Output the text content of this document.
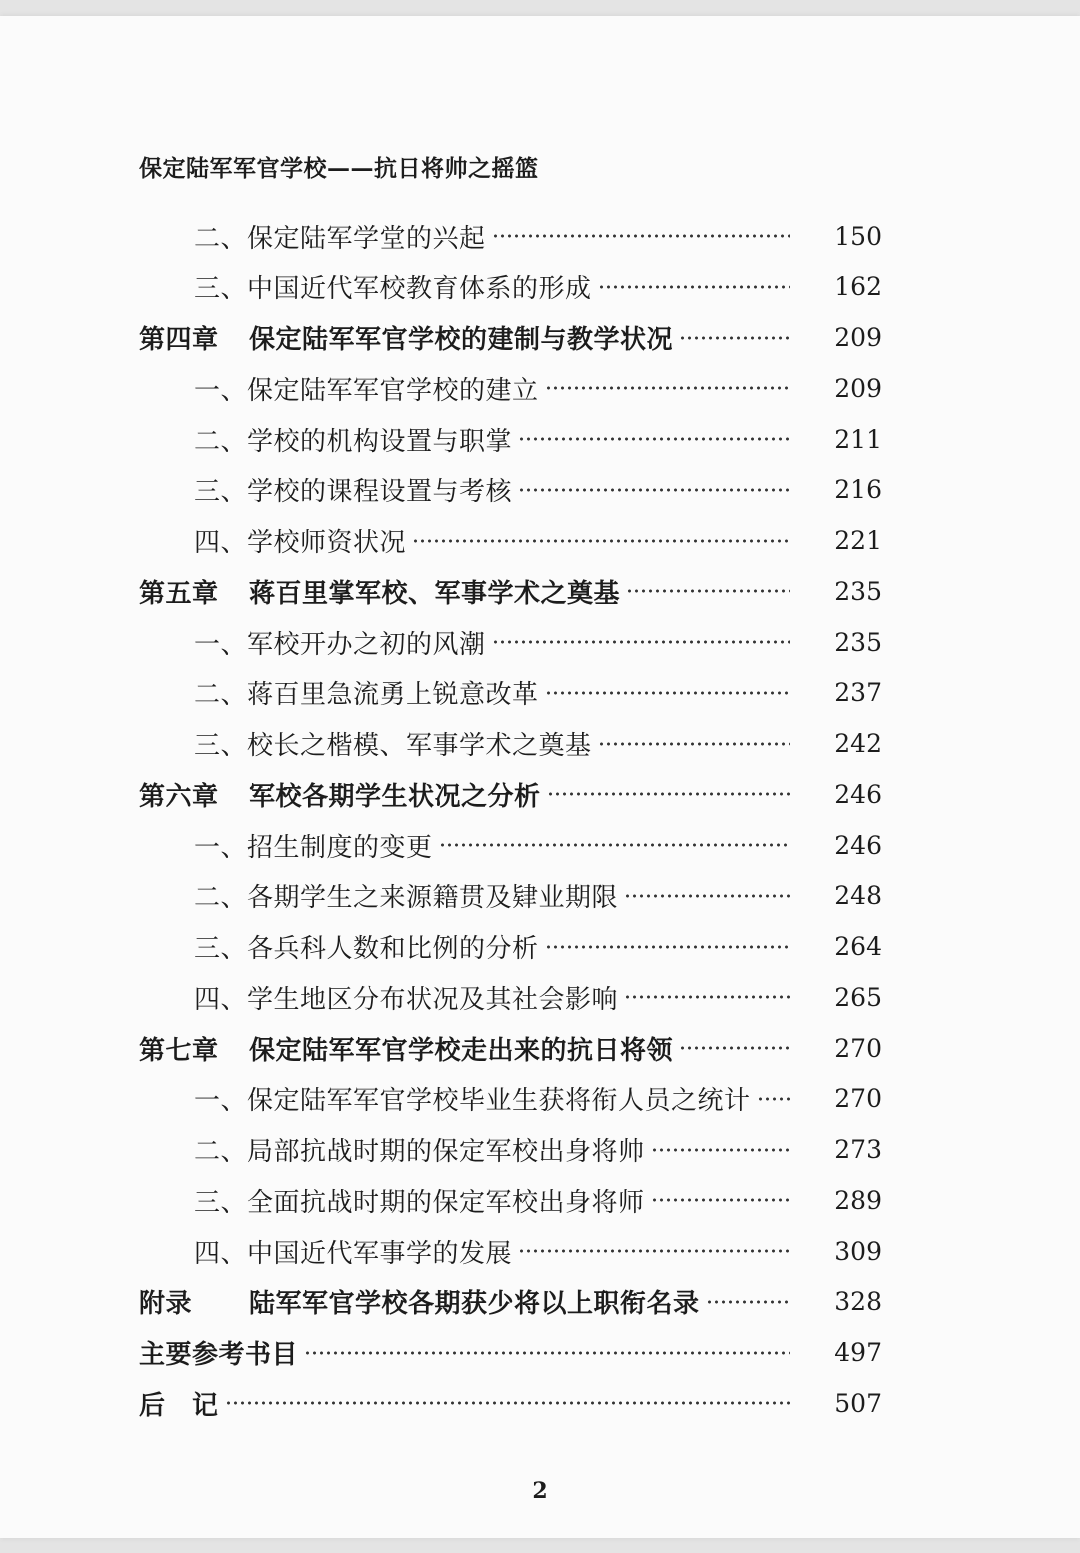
保定陆军军官学校——抗日将帅之摇篮
二、保定陆军学堂的兴起	150
三、中国近代军校教育体系的形成	162
第四章 保定陆军军官学校的建制与教学状况	209
一、保定陆军军官学校的建立	209
二、学校的机构设置与职掌	211
三、学校的课程设置与考核	216
四、学校师资状况	221
第五章 蒋百里掌军校、军事学术之奠基	235
一、军校开办之初的风潮	235
二、蒋百里急流勇上锐意改革	237
三、校长之楷模、军事学术之奠基	242
第六章 军校各期学生状况之分析	246
一、招生制度的变更	246
二、各期学生之来源籍贯及肄业期限	248
三、各兵科人数和比例的分析	264
四、学生地区分布状况及其社会影响	265
第七章 保定陆军军官学校走出来的抗日将领	270
一、保定陆军军官学校毕业生获将衔人员之统计	270
二、局部抗战时期的保定军校出身将帅	273
三、全面抗战时期的保定军校出身将师	289
四、中国近代军事学的发展	309
附录 陆军军官学校各期获少将以上职衔名录	328
主要参考书目	497
后　记	507
2
